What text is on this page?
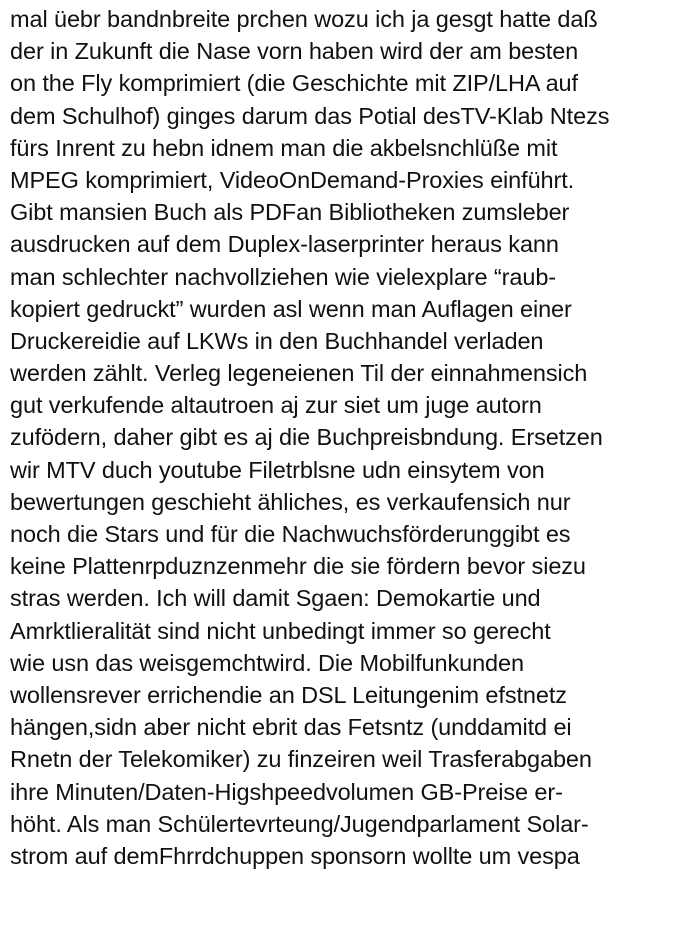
mal üebr bandnbreite prchen wozu ich ja gesgt hatte daß
der in Zukunft die Nase vorn haben wird der am besten
on the Fly komprimiert (die Geschichte mit ZIP/LHA auf
dem Schulhof) ginges darum das Potial desTV-Klab Ntezs
fürs Inrent zu hebn idnem man die akbelsnchlüße mit
MPEG komprimiert, VideoOnDemand-Proxies einführt.
Gibt mansien Buch als PDFan Bibliotheken zumsleber
ausdrucken auf dem Duplex-laserprinter heraus kann
man schlechter nachvollziehen wie vielexplare “raub-
kopiert gedruckt” wurden asl wenn man Auflagen einer
Druckereidie auf LKWs in den Buchhandel verladen
werden zählt. Verleg legeneienen Til der einnahmensich
gut verkufende altautroen aj zur siet um juge autorn
zufödern, daher gibt es aj die Buchpreisbndung. Ersetzen
wir MTV duch youtube Filetrblsne udn einsytem von
bewertungen geschieht ähliches, es verkaufensich nur
noch die Stars und für die Nachwuchsförderunggibt es
keine Plattenrpduznzenmehr die sie fördern bevor siezu
stras werden. Ich will damit Sgaen: Demokartie und
Amrktlieralität sind nicht unbedingt immer so gerecht
wie usn das weisgemchtwird. Die Mobilfunkunden
wollensrever errichendie an DSL Leitungenim efstnetz
hängen,sidn aber nicht ebrit das Fetsntz (unddamitd ei
Rnetn der Telekomiker) zu finzeiren weil Trasferabgaben
ihre Minuten/Daten-Higshpeedvolumen GB-Preise er-
höht. Als man Schülertevrteung/Jugendparlament Solar-
strom auf demFhrrdchuppen sponsorn wollte um vespa
